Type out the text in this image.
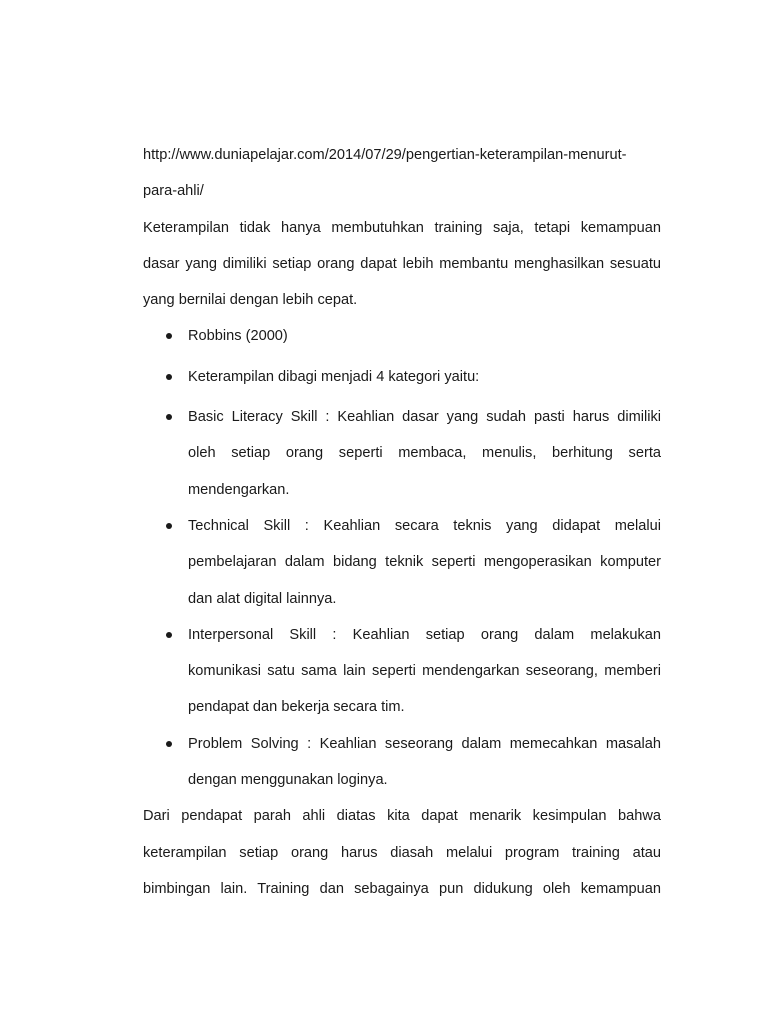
http://www.duniapelajar.com/2014/07/29/pengertian-keterampilan-menurut-
para-ahli/
Keterampilan tidak hanya membutuhkan training saja, tetapi kemampuan
dasar yang dimiliki setiap orang dapat lebih membantu menghasilkan sesuatu
yang bernilai dengan lebih cepat.
Robbins (2000)
Keterampilan dibagi menjadi 4 kategori yaitu:
Basic Literacy Skill : Keahlian dasar yang sudah pasti harus dimiliki
oleh setiap orang seperti membaca, menulis, berhitung serta
mendengarkan.
Technical Skill : Keahlian secara teknis yang didapat melalui
pembelajaran dalam bidang teknik seperti mengoperasikan komputer
dan alat digital lainnya.
Interpersonal Skill : Keahlian setiap orang dalam melakukan
komunikasi satu sama lain seperti mendengarkan seseorang, memberi
pendapat dan bekerja secara tim.
Problem Solving : Keahlian seseorang dalam memecahkan masalah
dengan menggunakan loginya.
Dari pendapat parah ahli diatas kita dapat menarik kesimpulan bahwa
keterampilan setiap orang harus diasah melalui program training atau
bimbingan lain. Training dan sebagainya pun didukung oleh kemampuan
